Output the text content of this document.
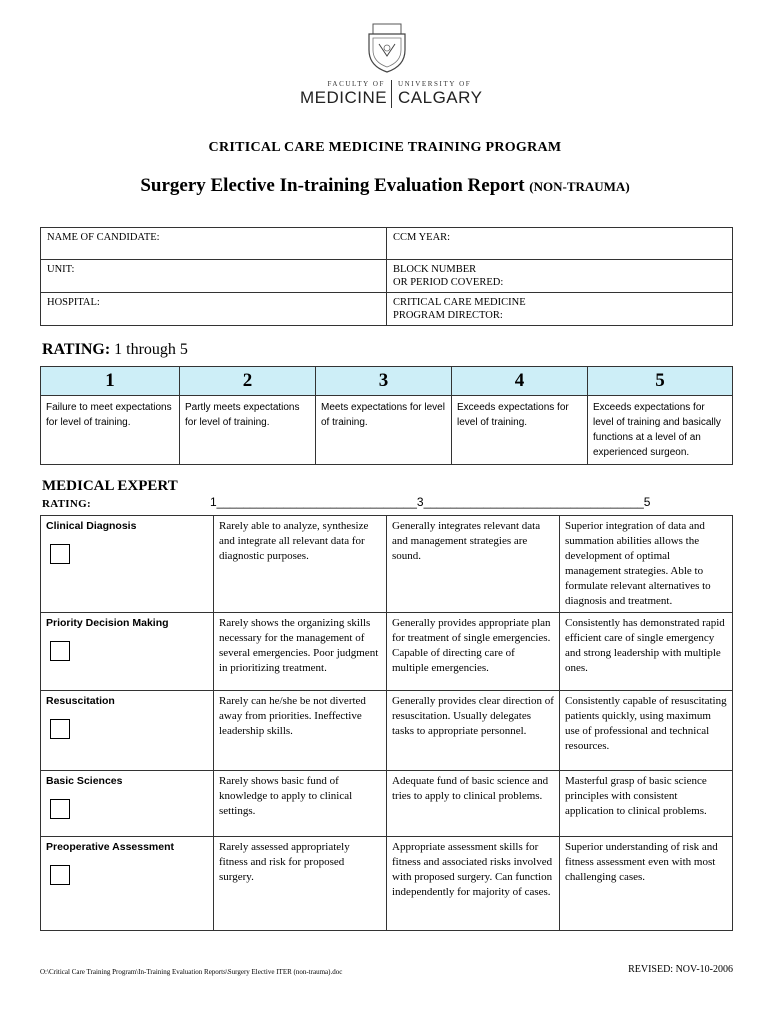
FACULTY OF
MEDICINE
UNIVERSITY OF
CALGARY
CRITICAL CARE MEDICINE TRAINING PROGRAM
Surgery Elective In-training Evaluation Report (NON-TRAUMA)
NAME OF CANDIDATE:	CCM YEAR:
UNIT:	BLOCK NUMBER
OR PERIOD COVERED:

HOSPITAL:	CRITICAL CARE MEDICINE
PROGRAM DIRECTOR:
RATING: 1 through 5
1	2	3	4	5
Failure to meet expectations for level of training.	Partly meets expectations for level of training.	Meets expectations for level of training.	Exceeds expectations for level of training.	Exceeds expectations for level of training and basically functions at a level of an experienced surgeon.
MEDICAL EXPERT
RATING:	1______________________________3_________________________________5
Clinical Diagnosis	Rarely able to analyze, synthesize and integrate all relevant data for diagnostic purposes.	Generally integrates relevant data and management strategies are sound.	Superior integration of data and summation abilities allows the development of optimal management strategies. Able to formulate relevant alternatives to diagnosis and treatment.

Priority Decision Making	Rarely shows the organizing skills necessary for the management of several emergencies. Poor judgment in prioritizing treatment.	Generally provides appropriate plan for treatment of single emergencies. Capable of directing care of multiple emergencies.	Consistently has demonstrated rapid efficient care of single emergency and strong leadership with multiple ones.

Resuscitation	Rarely can he/she be not diverted away from priorities. Ineffective leadership skills.	Generally provides clear direction of resuscitation. Usually delegates tasks to appropriate personnel.	Consistently capable of resuscitating patients quickly, using maximum use of professional and technical resources.

Basic Sciences	Rarely shows basic fund of knowledge to apply to clinical settings.	Adequate fund of basic science and tries to apply to clinical problems.	Masterful grasp of basic science principles with consistent application to clinical problems.

Preoperative Assessment	Rarely assessed appropriately fitness and risk for proposed surgery.	Appropriate assessment skills for fitness and associated risks involved with proposed surgery. Can function independently for majority of cases.	Superior understanding of risk and fitness assessment even with most challenging cases.
O:\Critical Care Training Program\In-Training Evaluation Reports\Surgery Elective ITER (non-trauma).doc	REVISED: NOV-10-2006
